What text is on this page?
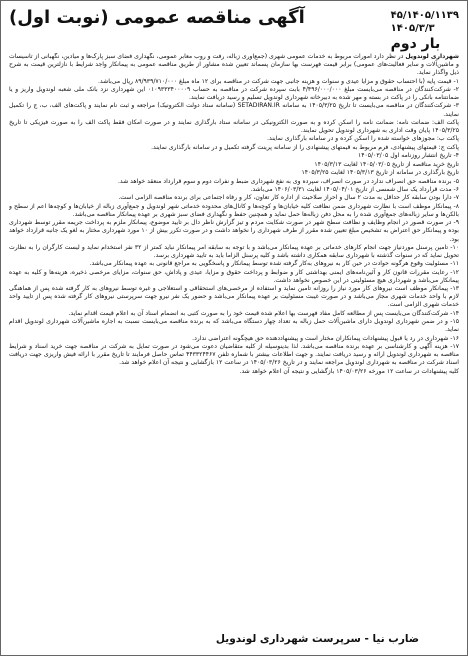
۴۵/۱۴۰۵/۱۱۳۹
۱۴۰۵/۳/۳
بار دوم
آگهی مناقصه عمومی (نوبت اول)

شهرداری لوندویل در نظر دارد امورات مربوط به خدمات عمومی شهری (جمع‌آوری زباله، رفت و روب معابر عمومی، نگهداری فضای سبز پارک‌ها و میادین، نگهبانی از تاسیسات و ماشین‌آلات و سایر فعالیت‌های عمومی) برابر قیمت فهرست بها سازمان پسماند تعیین شده مشاور از طریق مناقصه عمومی به پیمانکار واجد شرایط با نازلترین قیمت به شرح ذیل واگذار نماید.

۱- قیمت پایه (با احتساب حقوق و مزایا عیدی و سنوات و هزینه جانبی جهت شرکت در مناقصه برای ۱۲ ماه مبلغ ۸۹/۹۳۹/۷۱۰/۰۰۰ ریال می‌باشد.

۲- شرکت‌کنندگان در مناقصه می‌بایست مبلغ ۴/۴۹۶/۰۰۰/۰۰۰ بابت سپرده شرکت در مناقصه به حساب ۰۱۰۹۳۳۳۴۰۰۰۰۹ این شهرداری نزد بانک ملی شعبه لوندویل واریز و یا ضمانتنامه بانکی را در پاکت در بسته و مهر شده به دبیرخانه شهرداری لوندویل تسلیم و رسید دریافت نمایند.

۳- شرکت‌کنندگان در مناقصه می‌بایست تا تاریخ ۱۴۰۵/۳/۲۵ به سامانه SETADIRAN.IR (سامانه ستاد دولت الکترونیک) مراجعه و ثبت نام نمایند و پاکت‌های الف، ب، ج را تکمیل نمایند.

پاکت الف: ضمانت نامه: ضمانت نامه را اسکن کرده و به صورت الکترونیکی در سامانه ستاد بارگذاری نمایند و در صورت امکان فقط پاکت الف را به صورت فیزیکی تا تاریخ ۱۴۰۵/۳/۲۵ پایان وقت اداری به شهرداری لوندویل تحویل نمایند.

پاکت ب: مجوزهای خواسته شده را اسکن کرده و در سامانه بارگذاری نمایند.

پاکت ج: قیمتهای پیشنهادی، فرم مربوط به قیمتهای پیشنهادی را از سامانه پرینت گرفته تکمیل و در سامانه بارگذاری نمایند.

۴- تاریخ انتشار روزنامه اول ۱۴۰۵/۰۳/۰۵

تاریخ خرید مناقصه از تاریخ ۱۴۰۵/۰۳/۰۵ لغایت ۱۴۰۵/۳/۱۳

تاریخ بارگذاری در سامانه از تاریخ ۱۴۰۵/۳/۱۳ لغایت ۱۴۰۵/۳/۲۵

۵- برنده مناقصه حق انصراف ندارد در صورت انصراف، سپرده وی به نفع شهرداری ضبط و نفرات دوم و سوم قرارداد منعقد خواهد شد.

۶- مدت قرارداد یک سال شمسی از تاریخ ۱۴۰۵/۰۴/۰۱ لغایت ۱۴۰۶/۰۳/۳۱ می‌باشد.

۷- دارا بودن سابقه کار حداقل به مدت ۲ سال و احراز صلاحیت از اداره کار تعاون، کار و رفاه اجتماعی برای برنده مناقصه الزامی است.

۸- پیمانکار موظف است با نظارت شهرداری ضمن نظافت کلیه خیابان‌ها و کوچه‌ها و کانال‌های محدوده خدماتی شهر لوندویل و جمع‌آوری زباله از خیابان‌ها و کوچه‌ها اعم از سطح و بالکن‌ها و سایر زباله‌های جمع‌آوری شده را به محل دفن زباله‌ها حمل نماید و همچنین حفظ و نگهداری فضای سبز شهری بر عهده پیمانکار مناقصه می‌باشد.

۹- در صورت قصور در انجام وظایف و نظافت سطح شهر در صورت شکایت مردم و تیز گزارش ناظر دال بر تایید موضوع، پیمانکار ملزم به پرداخت جریمه مقرر توسط شهرداری بوده و پیمانکار حق اعتراض به تشخیص مبلغ تعیین شده مقرر از طرف شهرداری را نخواهد داشت و در صورت تکرر بیش از ۱۰ مورد شهرداری مختار به لغو یک جانبه قرارداد خواهد بود.

۱۰- تامین پرسنل موردنیاز جهت انجام کارهای خدماتی بر عهده پیمانکار می‌باشد و با توجه به سابقه امر پیمانکار نباید کمتر از ۳۲ نفر استخدام نماید و لیست کارگران را به نظارت تحویل نماید که در سنوات گذشته با شهرداری سابقه همکاری داشته باشد و کلیه پرسنل الزاما باید به تایید شهرداری برسد.

۱۱- مسئولیت وقوع هرگونه حوادث در حین کار به نیروهای به‌کار گرفته شده توسط پیمانکار و پاسخگویی به مراجع قانونی به عهده پیمانکار می‌باشد.

۱۲- رعایت مقررات قانون کار و آئین‌نامه‌های ایمنی بهداشتی کار و ضوابط و پرداخت حقوق و مزایا، عیدی و پاداش، حق سنوات، مزایای مرخصی ذخیره، هزینه‌ها و کلیه به عهده پیمانکار می‌باشد و شهرداری هیچ مسئولیتی در این خصوص نخواهد داشت.

۱۳- پیمانکار موظف است نیروهای کار مورد نیاز را روزانه تامین نماید و استفاده از مرخصی‌های استحقاقی و استعلاجی و غیره توسط نیروهای به کار گرفته شده پس از هماهنگی لازم با واحد خدمات شهری مجاز می‌باشد و در صورت غیبت مسئولیت بر عهده پیمانکار می‌باشد و حضور یک نفر نیرو جهت سرپرستی نیروهای کار گرفته شده پس از تایید واحد خدمات شهری الزامی است.

۱۴- شرکت‌کنندگان می‌بایست پس از مطالعه کامل مفاد فهرست بها اعلام شده قیمت خود را به صورت کتبی به انضمام اسناد آن به اعلام قیمت اقدام نماید.

۱۵- و در ضمن شهرداری لوندویل دارای ماشین‌آلات حمل زباله به تعداد چهار دستگاه می‌باشد که به برنده مناقصه می‌بایست نسبت به اجاره ماشین‌آلات شهرداری لوندویل اقدام نماید.

۱۶- شهرداری در رد یا قبول پیشنهادات پیمانکاران مختار است و پیشنهاددهنده حق هیچگونه اعتراضی ندارد.

۱۷- هزینه آگهی و کارشناسی بر عهده برنده مناقصه می‌باشد. لذا بدینوسیله از کلیه متقاضیان دعوت می‌شود در صورت تمایل به شرکت در مناقصه جهت خرید اسناد و شرایط مناقصه به شهرداری لوندویل ارائه و رسید دریافت نمایند. و جهت اطلاعات بیشتر با شماره تلفن ۴۴۳۳۲۴۴۶۷ تماس حاصل فرمایند تا تاریخ مقرر با ارائه فیش واریزی جهت دریافت اسناد شرکت در مناقصه به شهرداری لوندویل مراجعه نمایند و در تاریخ ۱۴۰۵/۰۳/۲۶ در ساعت ۱۲ بازگشایی و نتیجه آن اعلام خواهد شد.

کلیه پیشنهادات در ساعت ۱۲ مورخه ۱۴۰۵/۰۳/۲۶ بازگشایی و نتیجه آن اعلام خواهد شد.

ضارب نیا - سرپرست شهرداری لوندویل
